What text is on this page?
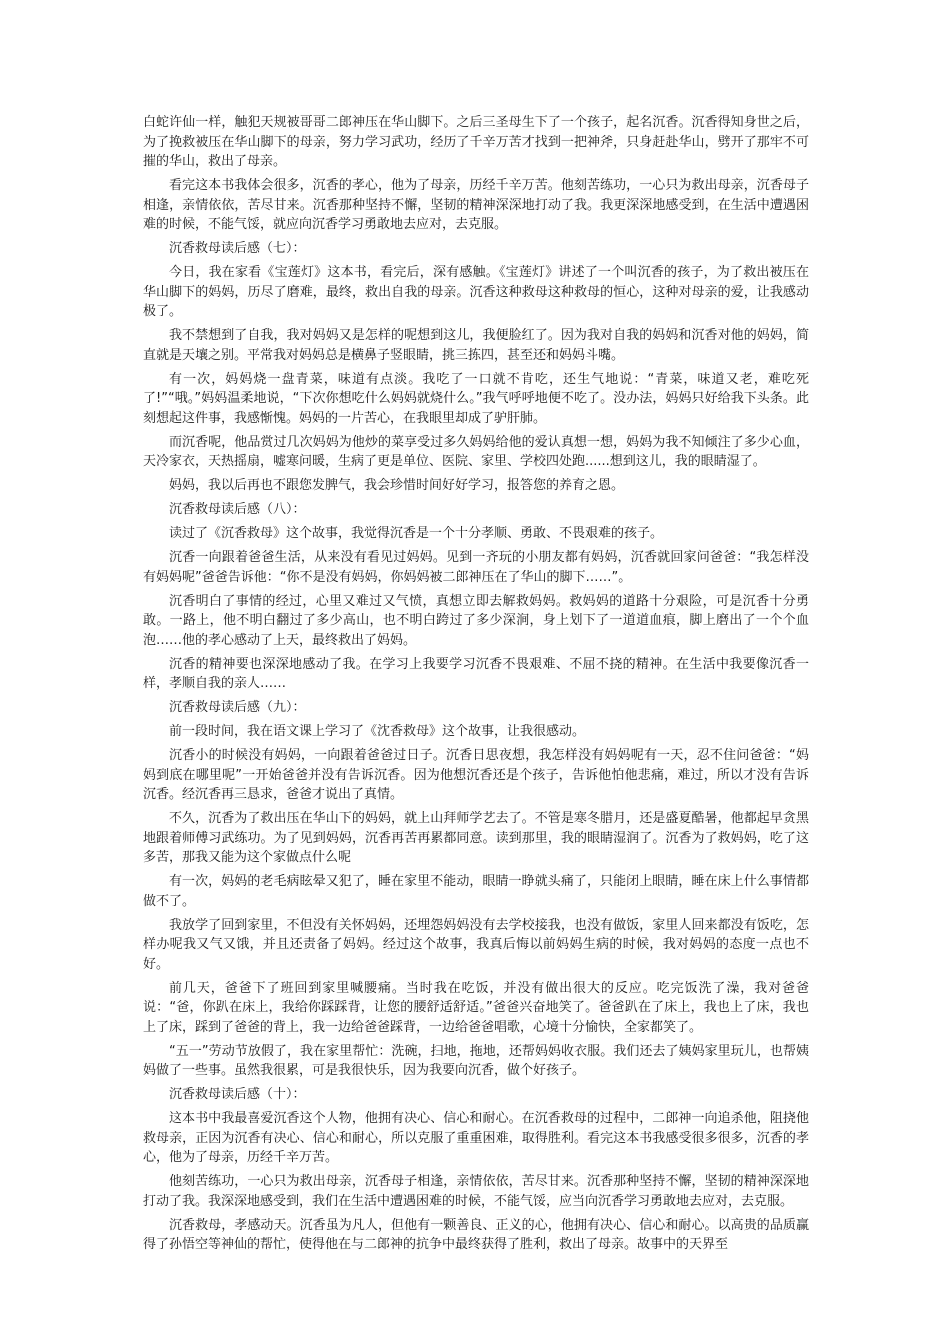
白蛇许仙一样，触犯天规被哥哥二郎神压在华山脚下。之后三圣母生下了一个孩子，起名沉香。沉香得知身世之后，为了挽救被压在华山脚下的母亲，努力学习武功，经历了千辛万苦才找到一把神斧，只身赶赴华山，劈开了那牢不可摧的华山，救出了母亲。

看完这本书我体会很多，沉香的孝心，他为了母亲，历经千辛万苦。他刻苦练功，一心只为救出母亲，沉香母子相逢，亲情依依，苦尽甘来。沉香那种坚持不懈，坚韧的精神深深地打动了我。我更深深地感受到，在生活中遭遇困难的时候，不能气馁，就应向沉香学习勇敢地去应对，去克服。

沉香救母读后感（七）：

今日，我在家看《宝莲灯》这本书，看完后，深有感触。《宝莲灯》讲述了一个叫沉香的孩子，为了救出被压在华山脚下的妈妈，历尽了磨难，最终，救出自我的母亲。沉香这种救母这种救母的恒心，这种对母亲的爱，让我感动极了。

我不禁想到了自我，我对妈妈又是怎样的呢想到这儿，我便脸红了。因为我对自我的妈妈和沉香对他的妈妈，简直就是天壤之别。平常我对妈妈总是横鼻子竖眼睛，挑三拣四，甚至还和妈妈斗嘴。

有一次，妈妈烧一盘青菜，味道有点淡。我吃了一口就不肯吃，还生气地说：“青菜，味道又老，难吃死了!”“哦。”妈妈温柔地说，“下次你想吃什么妈妈就烧什么。”我气呼呼地便不吃了。没办法，妈妈只好给我下头条。此刻想起这件事，我感惭愧。妈妈的一片苦心，在我眼里却成了驴肝肺。

而沉香呢，他品赏过几次妈妈为他炒的菜享受过多久妈妈给他的爱认真想一想，妈妈为我不知倾注了多少心血，天冷家衣，天热摇扇，嘘寒问暖，生病了更是单位、医院、家里、学校四处跑......想到这儿，我的眼睛湿了。

妈妈，我以后再也不跟您发脾气，我会珍惜时间好好学习，报答您的养育之恩。

沉香救母读后感（八）：

读过了《沉香救母》这个故事，我觉得沉香是一个十分孝顺、勇敢、不畏艰难的孩子。

沉香一向跟着爸爸生活，从来没有看见过妈妈。见到一齐玩的小朋友都有妈妈，沉香就回家问爸爸：“我怎样没有妈妈呢”爸爸告诉他：“你不是没有妈妈，你妈妈被二郎神压在了华山的脚下……”。

沉香明白了事情的经过，心里又难过又气愤，真想立即去解救妈妈。救妈妈的道路十分艰险，可是沉香十分勇敢。一路上，他不明白翻过了多少高山，也不明白跨过了多少深涧，身上划下了一道道血痕，脚上磨出了一个个血泡……他的孝心感动了上天，最终救出了妈妈。

沉香的精神要也深深地感动了我。在学习上我要学习沉香不畏艰难、不屈不挠的精神。在生活中我要像沉香一样，孝顺自我的亲人……

沉香救母读后感（九）：

前一段时间，我在语文课上学习了《沈香救母》这个故事，让我很感动。

沉香小的时候没有妈妈，一向跟着爸爸过日子。沉香日思夜想，我怎样没有妈妈呢有一天，忍不住问爸爸：“妈妈到底在哪里呢”一开始爸爸并没有告诉沉香。因为他想沉香还是个孩子，告诉他怕他悲痛，难过，所以才没有告诉沉香。经沉香再三恳求，爸爸才说出了真情。

不久，沉香为了救出压在华山下的妈妈，就上山拜师学艺去了。不管是寒冬腊月，还是盛夏酷暑，他都起早贪黑地跟着师傅习武练功。为了见到妈妈，沉香再苦再累都同意。读到那里，我的眼睛湿润了。沉香为了救妈妈，吃了这多苦，那我又能为这个家做点什么呢

有一次，妈妈的老毛病眩晕又犯了，睡在家里不能动，眼睛一睁就头痛了，只能闭上眼睛，睡在床上什么事情都做不了。

我放学了回到家里，不但没有关怀妈妈，还埋怨妈妈没有去学校接我，也没有做饭，家里人回来都没有饭吃，怎样办呢我又气又饿，并且还责备了妈妈。经过这个故事，我真后悔以前妈妈生病的时候，我对妈妈的态度一点也不好。

前几天，爸爸下了班回到家里喊腰痛。当时我在吃饭，并没有做出很大的反应。吃完饭洗了澡，我对爸爸说：“爸，你趴在床上，我给你踩踩背，让您的腰舒适舒适。”爸爸兴奋地笑了。爸爸趴在了床上，我也上了床，我也上了床，踩到了爸爸的背上，我一边给爸爸踩背，一边给爸爸唱歌，心境十分愉快，全家都笑了。

“五一”劳动节放假了，我在家里帮忙：洗碗，扫地，拖地，还帮妈妈收衣服。我们还去了姨妈家里玩儿，也帮姨妈做了一些事。虽然我很累，可是我很快乐，因为我要向沉香，做个好孩子。

沉香救母读后感（十）：

这本书中我最喜爱沉香这个人物，他拥有决心、信心和耐心。在沉香救母的过程中，二郎神一向追杀他，阻挠他救母亲，正因为沉香有决心、信心和耐心，所以克服了重重困难，取得胜利。看完这本书我感受很多很多，沉香的孝心，他为了母亲，历经千辛万苦。

他刻苦练功，一心只为救出母亲，沉香母子相逢，亲情依依，苦尽甘来。沉香那种坚持不懈，坚韧的精神深深地打动了我。我深深地感受到，我们在生活中遭遇困难的时候，不能气馁，应当向沉香学习勇敢地去应对，去克服。

沉香救母，孝感动天。沉香虽为凡人，但他有一颗善良、正义的心，他拥有决心、信心和耐心。以高贵的品质赢得了孙悟空等神仙的帮忙，使得他在与二郎神的抗争中最终获得了胜利，救出了母亲。故事中的天界至
